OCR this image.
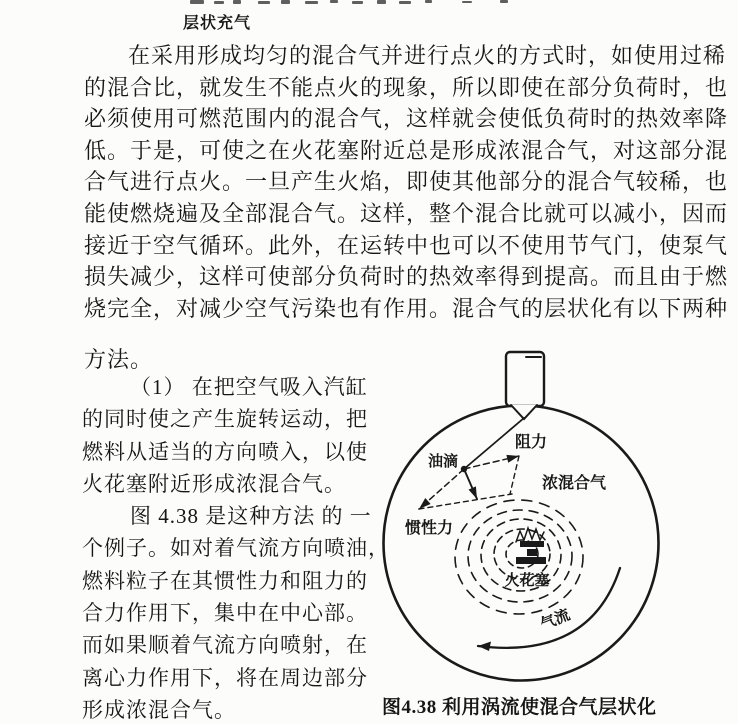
层状充气
在采用形成均匀的混合气并进行点火的方式时，如使用过稀
的混合比，就发生不能点火的现象，所以即使在部分负荷时，也
必须使用可燃范围内的混合气，这样就会使低负荷时的热效率降
低。于是，可使之在火花塞附近总是形成浓混合气，对这部分混
合气进行点火。一旦产生火焰，即使其他部分的混合气较稀，也
能使燃烧遍及全部混合气。这样，整个混合比就可以减小，因而
接近于空气循环。此外，在运转中也可以不使用节气门，使泵气
损失减少，这样可使部分负荷时的热效率得到提高。而且由于燃
烧完全，对减少空气污染也有作用。混合气的层状化有以下两种
方法。
（1） 在把空气吸入汽缸
的同时使之产生旋转运动，把
燃料从适当的方向喷入，以使
火花塞附近形成浓混合气。
图 4.38 是这种方法 的 一
个例子。如对着气流方向喷油，
燃料粒子在其惯性力和阻力的
合力作用下，集中在中心部。
而如果顺着气流方向喷射，在
离心力作用下，将在周边部分
形成浓混合气。
油滴
阻力
浓混合气
惯性力
火花塞
气流
图4.38 利用涡流使混合气层状化
